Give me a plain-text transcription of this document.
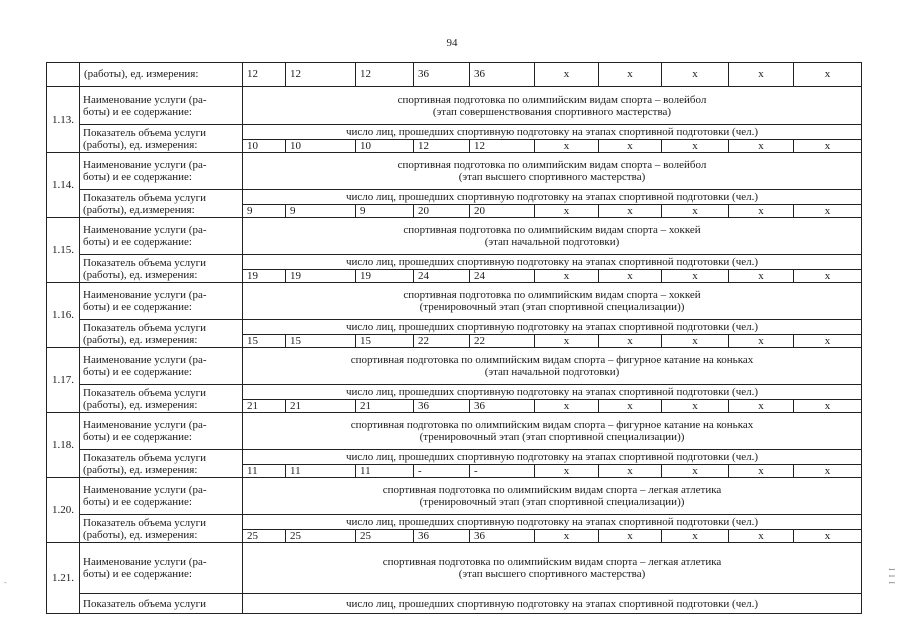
94
	(работы), ед. измерения:	12	12	12	36	36	x	x	x	x	x
1.13.	Наименование услуги (ра-
боты) и ее содержание:	спортивная подготовка по олимпийским видам спорта – волейбол
(этап совершенствования спортивного мастерства)									
	Показатель объема услуги
(работы), ед. измерения:	число лиц, прошедших спортивную подготовку на этапах спортивной подготовки (чел.)									
		10	10	10	12	12	x	x	x	x	x
1.14.	Наименование услуги (ра-
боты) и ее содержание:	спортивная подготовка по олимпийским видам спорта – волейбол
(этап высшего спортивного мастерства)									
	Показатель объема услуги
(работы), ед.измерения:	число лиц, прошедших спортивную подготовку на этапах спортивной подготовки (чел.)									
		9	9	9	20	20	x	x	x	x	x
1.15.	Наименование услуги (ра-
боты) и ее содержание:	спортивная подготовка по олимпийским видам спорта – хоккей
(этап начальной подготовки)									
	Показатель объема услуги
(работы), ед. измерения:	число лиц, прошедших спортивную подготовку на этапах спортивной подготовки (чел.)									
		19	19	19	24	24	x	x	x	x	x
1.16.	Наименование услуги (ра-
боты) и ее содержание:	спортивная подготовка по олимпийским видам спорта – хоккей
(тренировочный этап (этап спортивной специализации))									
	Показатель объема услуги
(работы), ед. измерения:	число лиц, прошедших спортивную подготовку на этапах спортивной подготовки (чел.)									
		15	15	15	22	22	x	x	x	x	x
1.17.	Наименование услуги (ра-
боты) и ее содержание:	спортивная подготовка по олимпийским видам спорта – фигурное катание на коньках
(этап начальной подготовки)									
	Показатель объема услуги
(работы), ед. измерения:	число лиц, прошедших спортивную подготовку на этапах спортивной подготовки (чел.)									
		21	21	21	36	36	x	x	x	x	x
1.18.	Наименование услуги (ра-
боты) и ее содержание:	спортивная подготовка по олимпийским видам спорта – фигурное катание на коньках
(тренировочный этап (этап спортивной специализации))									
	Показатель объема услуги
(работы), ед. измерения:	число лиц, прошедших спортивную подготовку на этапах спортивной подготовки (чел.)									
		11	11	11	-	-	x	x	x	x	x
1.20.	Наименование услуги (ра-
боты) и ее содержание:	спортивная подготовка по олимпийским видам спорта – легкая атлетика
(тренировочный этап (этап спортивной специализации))									
	Показатель объема услуги
(работы), ед. измерения:	число лиц, прошедших спортивную подготовку на этапах спортивной подготовки (чел.)									
		25	25	25	36	36	x	x	x	x	x
1.21.	Наименование услуги (ра-
боты) и ее содержание:	спортивная подготовка по олимпийским видам спорта – легкая атлетика
(этап высшего спортивного мастерства)									
	Показатель объема услуги	число лиц, прошедших спортивную подготовку на этапах спортивной подготовки (чел.)									
I I I
-
